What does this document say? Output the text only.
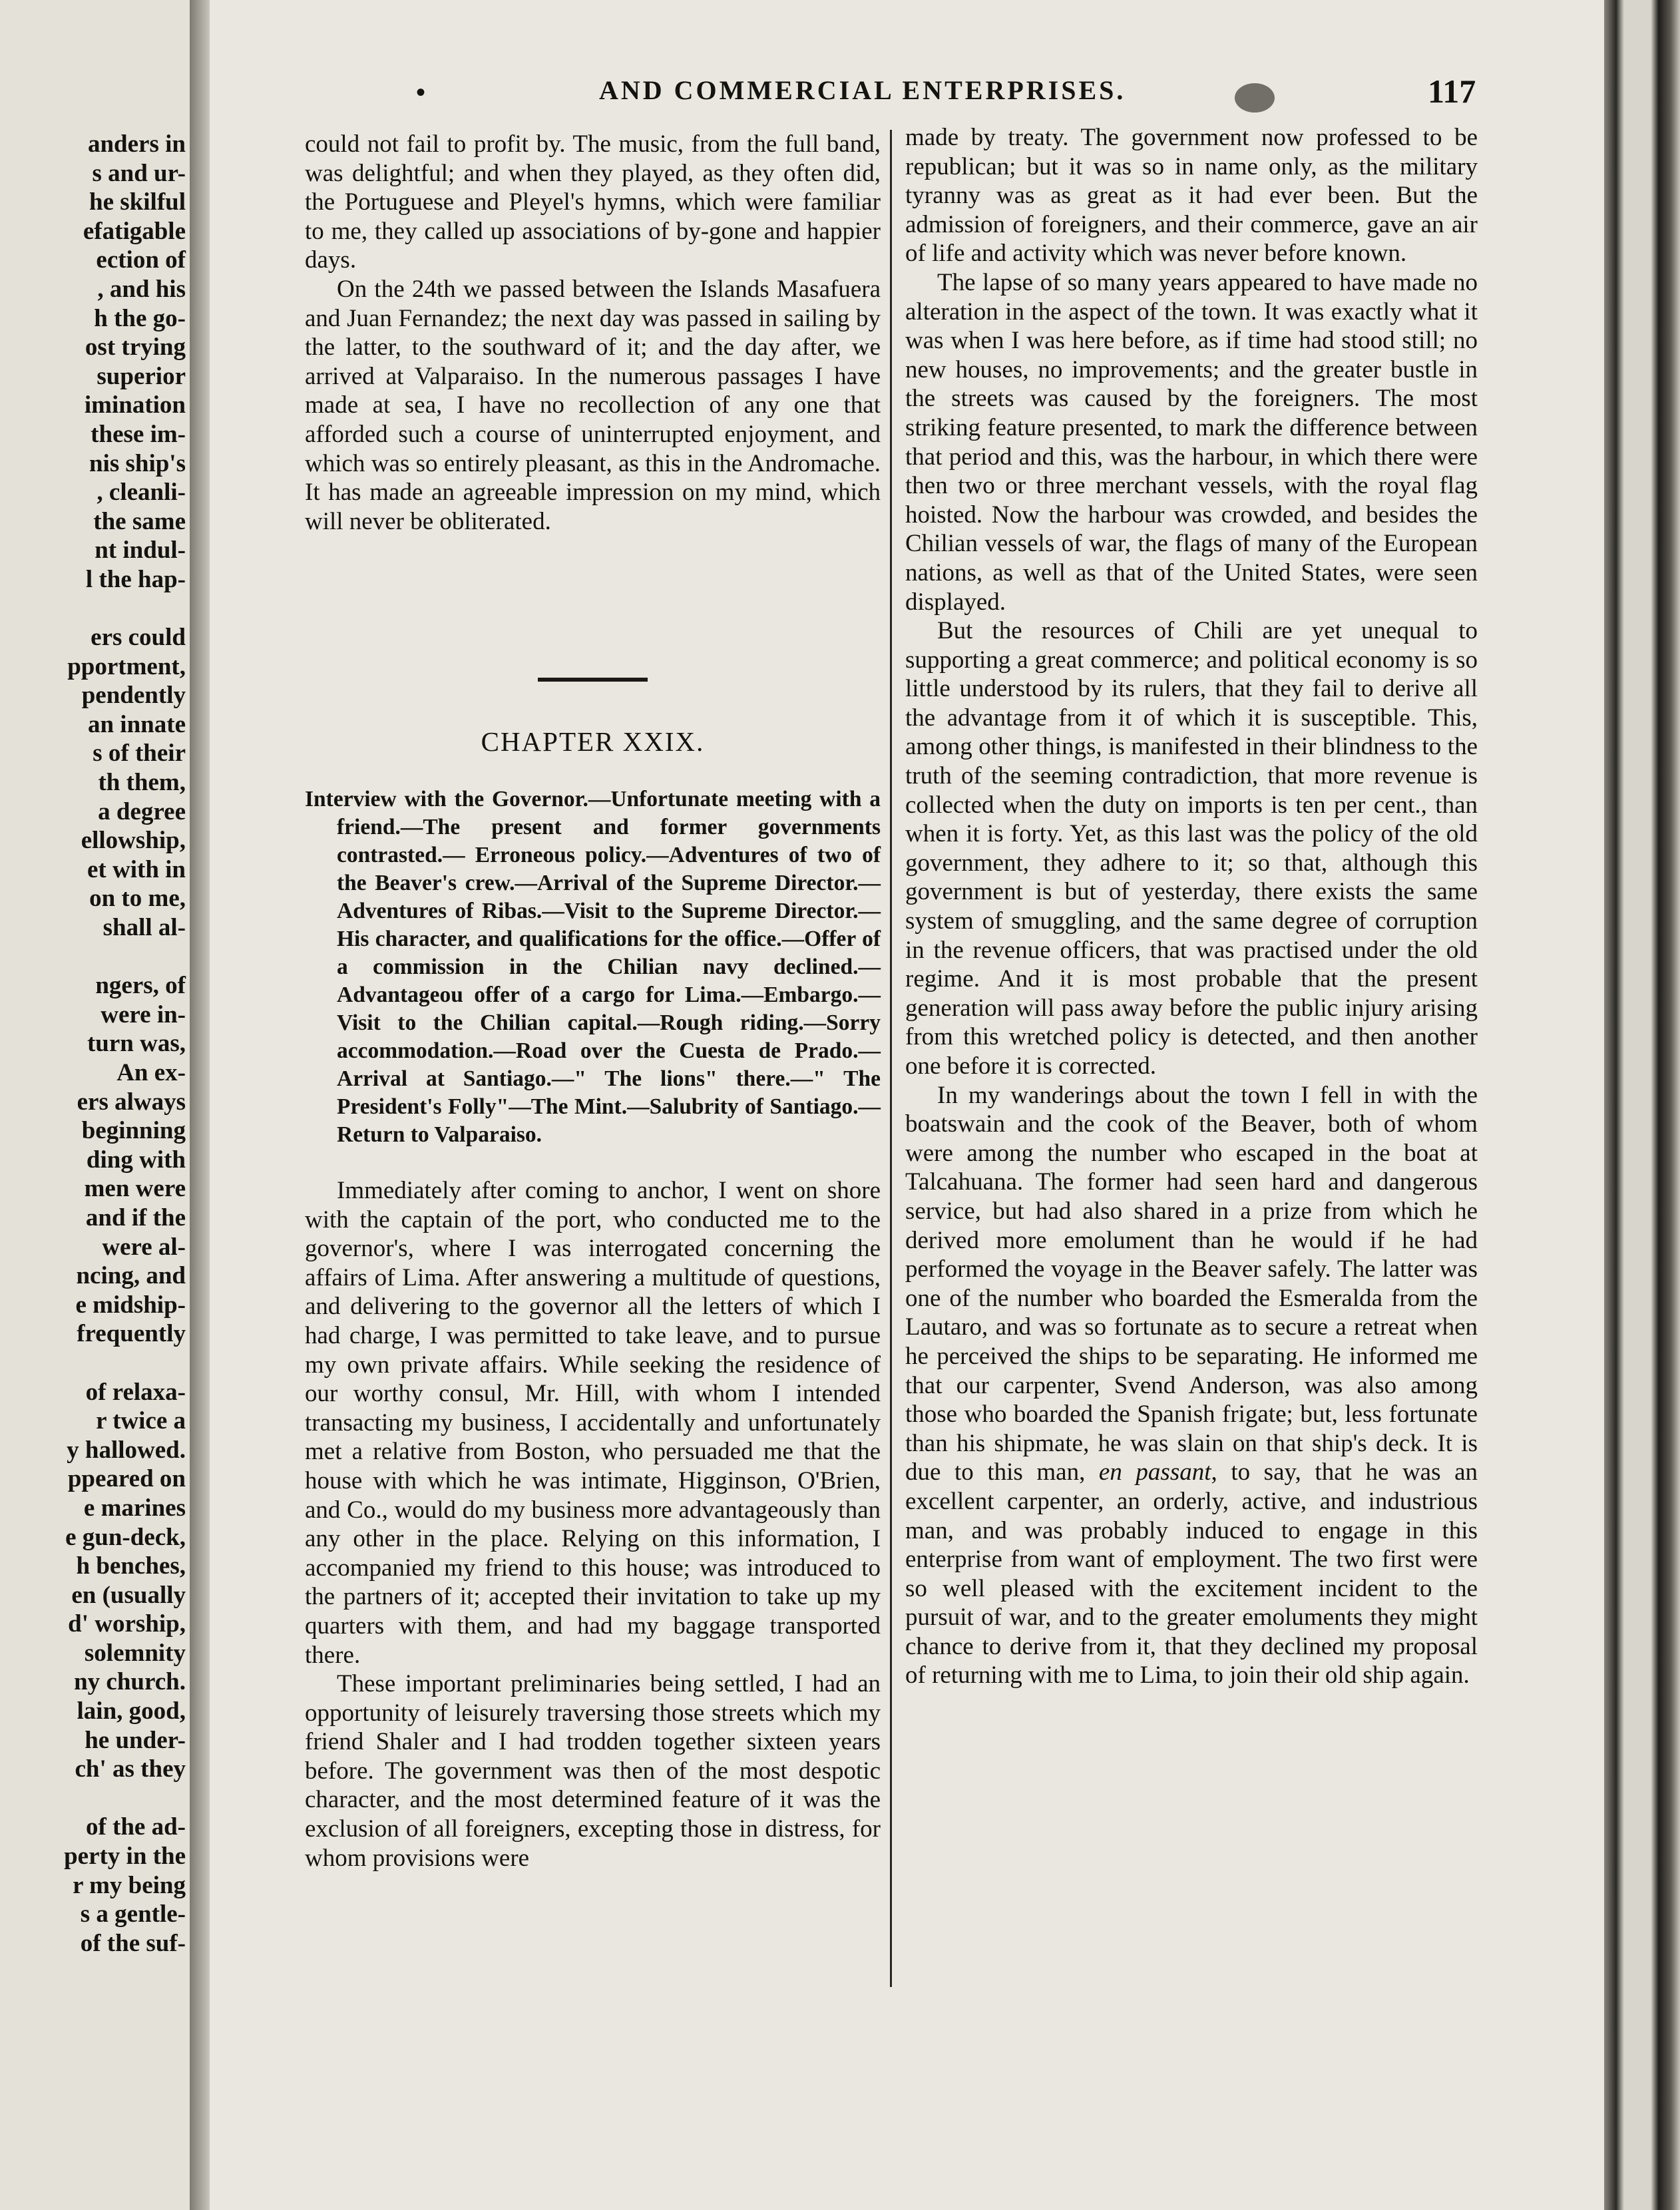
anders in
s and ur-
he skilful
efatigable
ection of
, and his
h the go-
ost trying
superior
imination
these im-
nis ship's
, cleanli-
the same
nt indul-
l the hap-
ers could
pportment,
pendently
an innate
s of their
th them,
a degree
ellowship,
et with in
on to me,
shall al-
ngers, of
were in-
turn was,
An ex-
ers always
beginning
ding with
men were
and if the
were al-
ncing, and
e midship-
frequently
of relaxa-
r twice a
y hallowed.
ppeared on
e marines
e gun-deck,
h benches,
en (usually
d' worship,
solemnity
ny church.
lain, good,
he under-
ch' as they
of the ad-
perty in the
r my being
s a gentle-
of the suf-
•	AND COMMERCIAL ENTERPRISES.	117

could not fail to profit by. The music, from the full band, was delightful; and when they played, as they often did, the Portuguese and Pleyel's hymns, which were familiar to me, they called up associations of by-gone and happier days.

On the 24th we passed between the Islands Masafuera and Juan Fernandez; the next day was passed in sailing by the latter, to the southward of it; and the day after, we arrived at Valparaiso. In the numerous passages I have made at sea, I have no recollection of any one that afforded such a course of uninterrupted enjoyment, and which was so entirely pleasant, as this in the Andromache. It has made an agreeable impression on my mind, which will never be obliterated.

CHAPTER XXIX.

Interview with the Governor.—Unfortunate meeting with a friend.—The present and former governments contrasted.— Erroneous policy.—Adventures of two of the Beaver's crew.—Arrival of the Supreme Director.—Adventures of Ribas.—Visit to the Supreme Director.—His character, and qualifications for the office.—Offer of a commission in the Chilian navy declined.—Advantageou offer of a cargo for Lima.—Embargo.—Visit to the Chilian capital.—Rough riding.—Sorry accommodation.—Road over the Cuesta de Prado.—Arrival at Santiago.—" The lions" there.—" The President's Folly"—The Mint.—Salubrity of Santiago.—Return to Valparaiso.

Immediately after coming to anchor, I went on shore with the captain of the port, who conducted me to the governor's, where I was interrogated concerning the affairs of Lima. After answering a multitude of questions, and delivering to the governor all the letters of which I had charge, I was permitted to take leave, and to pursue my own private affairs. While seeking the residence of our worthy consul, Mr. Hill, with whom I intended transacting my business, I accidentally and unfortunately met a relative from Boston, who persuaded me that the house with which he was intimate, Higginson, O'Brien, and Co., would do my business more advantageously than any other in the place. Relying on this information, I accompanied my friend to this house; was introduced to the partners of it; accepted their invitation to take up my quarters with them, and had my baggage transported there.

These important preliminaries being settled, I had an opportunity of leisurely traversing those streets which my friend Shaler and I had trodden together sixteen years before. The government was then of the most despotic character, and the most determined feature of it was the exclusion of all foreigners, excepting those in distress, for whom provisions were

made by treaty. The government now professed to be republican; but it was so in name only, as the military tyranny was as great as it had ever been. But the admission of foreigners, and their commerce, gave an air of life and activity which was never before known.

The lapse of so many years appeared to have made no alteration in the aspect of the town. It was exactly what it was when I was here before, as if time had stood still; no new houses, no improvements; and the greater bustle in the streets was caused by the foreigners. The most striking feature presented, to mark the difference between that period and this, was the harbour, in which there were then two or three merchant vessels, with the royal flag hoisted. Now the harbour was crowded, and besides the Chilian vessels of war, the flags of many of the European nations, as well as that of the United States, were seen displayed.

But the resources of Chili are yet unequal to supporting a great commerce; and political economy is so little understood by its rulers, that they fail to derive all the advantage from it of which it is susceptible. This, among other things, is manifested in their blindness to the truth of the seeming contradiction, that more revenue is collected when the duty on imports is ten per cent., than when it is forty. Yet, as this last was the policy of the old government, they adhere to it; so that, although this government is but of yesterday, there exists the same system of smuggling, and the same degree of corruption in the revenue officers, that was practised under the old regime. And it is most probable that the present generation will pass away before the public injury arising from this wretched policy is detected, and then another one before it is corrected.

In my wanderings about the town I fell in with the boatswain and the cook of the Beaver, both of whom were among the number who escaped in the boat at Talcahuana. The former had seen hard and dangerous service, but had also shared in a prize from which he derived more emolument than he would if he had performed the voyage in the Beaver safely. The latter was one of the number who boarded the Esmeralda from the Lautaro, and was so fortunate as to secure a retreat when he perceived the ships to be separating. He informed me that our carpenter, Svend Anderson, was also among those who boarded the Spanish frigate; but, less fortunate than his shipmate, he was slain on that ship's deck. It is due to this man, en passant, to say, that he was an excellent carpenter, an orderly, active, and industrious man, and was probably induced to engage in this enterprise from want of employment. The two first were so well pleased with the excitement incident to the pursuit of war, and to the greater emoluments they might chance to derive from it, that they declined my proposal of returning with me to Lima, to join their old ship again.
